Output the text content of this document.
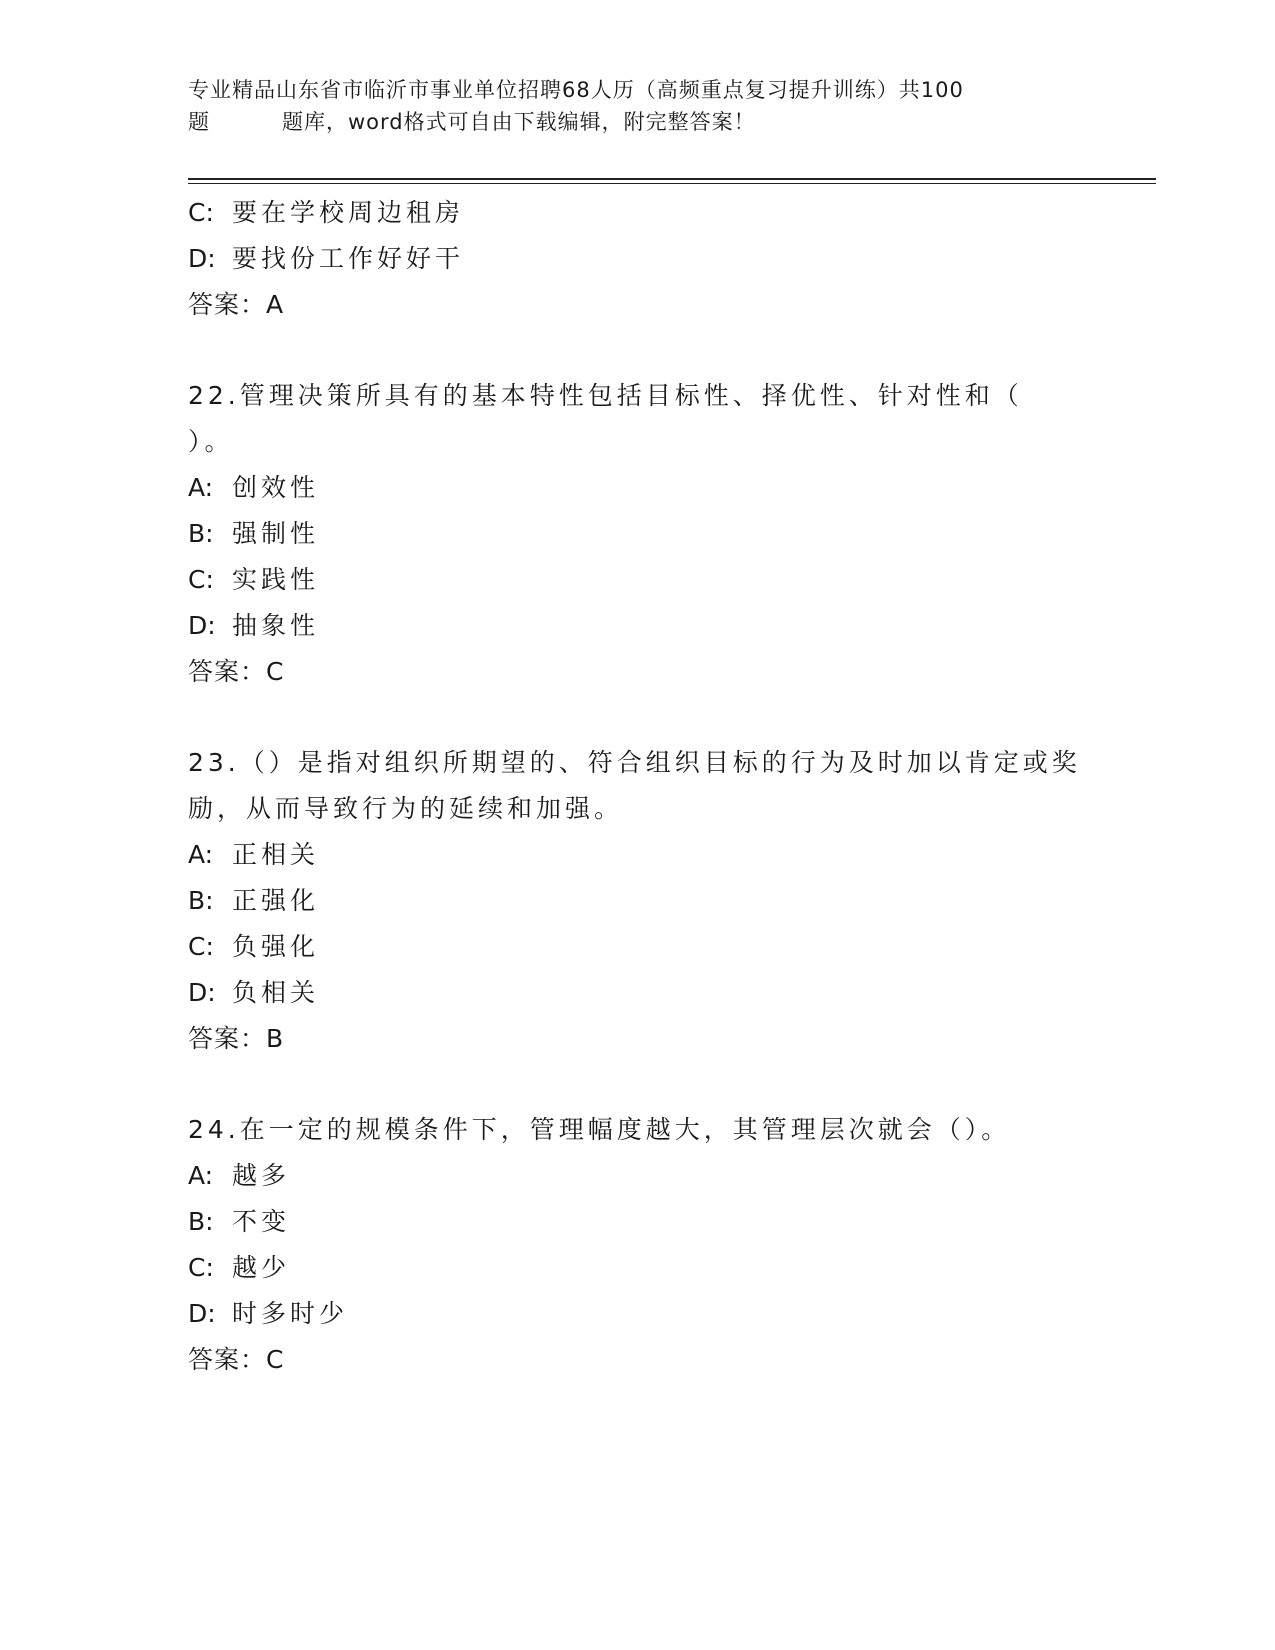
专业精品山东省市临沂市事业单位招聘68人历（高频重点复习提升训练）共100
题	题库，word格式可自由下载编辑，附完整答案！
C: 要在学校周边租房
D: 要找份工作好好干
答案：A
22.管理决策所具有的基本特性包括目标性、择优性、针对性和（
）。
A: 创效性
B: 强制性
C: 实践性
D: 抽象性
答案：C
23.（）是指对组织所期望的、符合组织目标的行为及时加以肯定或奖
励，从而导致行为的延续和加强。
A: 正相关
B: 正强化
C: 负强化
D: 负相关
答案：B
24.在一定的规模条件下，管理幅度越大，其管理层次就会（）。
A: 越多
B: 不变
C: 越少
D: 时多时少
答案：C
